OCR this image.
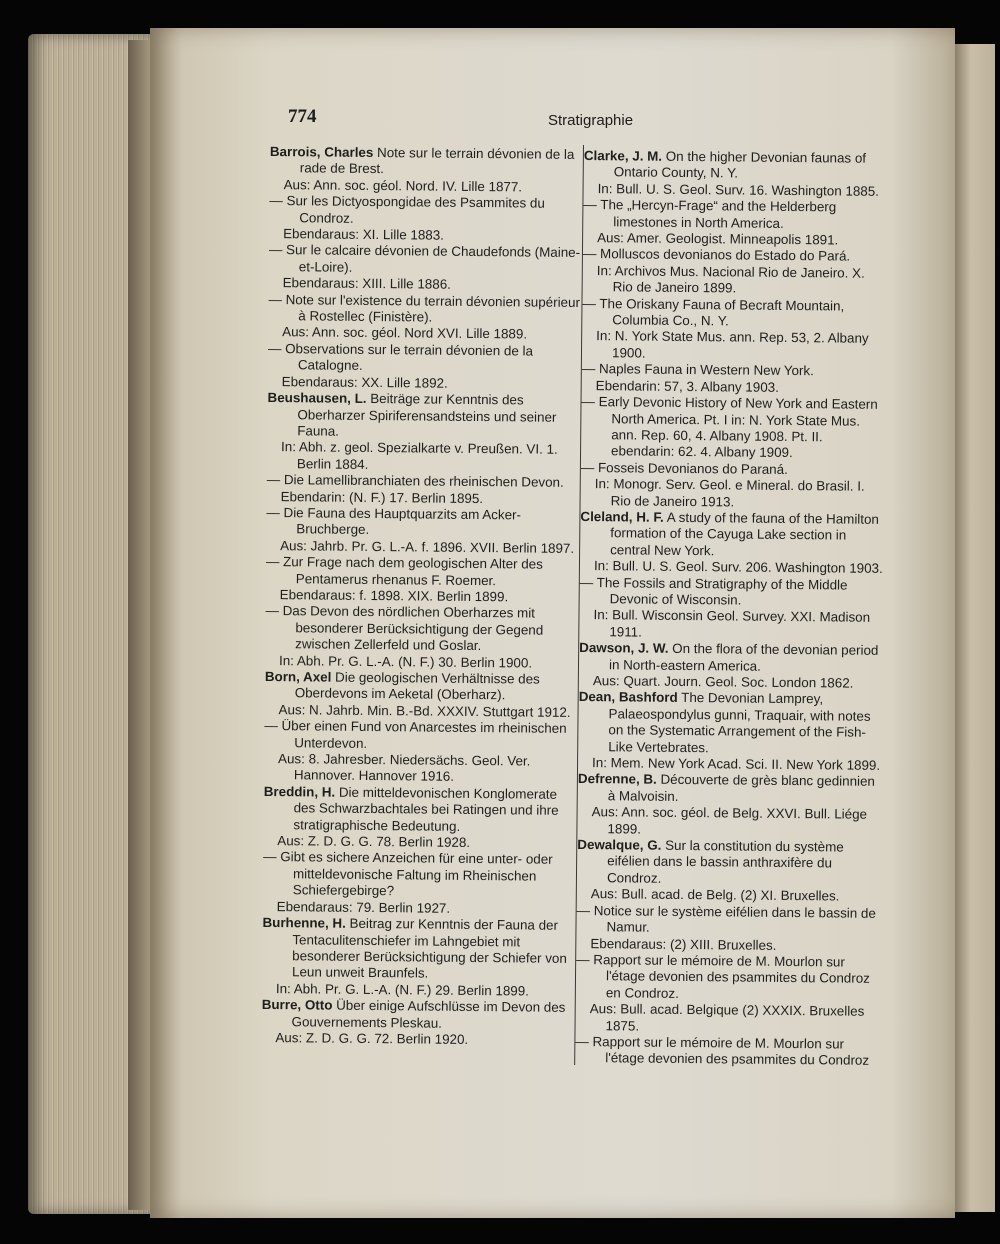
774	Stratigraphie

Barrois, Charles Note sur le terrain dévonien de la rade de Brest.

Aus: Ann. soc. géol. Nord. IV. Lille 1877.

— Sur les Dictyospongidae des Psammites du Condroz.

Ebendaraus: XI. Lille 1883.

— Sur le calcaire dévonien de Chaudefonds (Maine-et-Loire).

Ebendaraus: XIII. Lille 1886.

— Note sur l'existence du terrain dévonien supérieur à Rostellec (Finistère).

Aus: Ann. soc. géol. Nord XVI. Lille 1889.

— Observations sur le terrain dévonien de la Catalogne.

Ebendaraus: XX. Lille 1892.

Beushausen, L. Beiträge zur Kenntnis des Oberharzer Spiriferensandsteins und seiner Fauna.

In: Abh. z. geol. Spezialkarte v. Preußen. VI. 1. Berlin 1884.

— Die Lamellibranchiaten des rheinischen Devon.

Ebendarin: (N. F.) 17. Berlin 1895.

— Die Fauna des Hauptquarzits am Acker-Bruchberge.

Aus: Jahrb. Pr. G. L.-A. f. 1896. XVII. Berlin 1897.

— Zur Frage nach dem geologischen Alter des Pentamerus rhenanus F. Roemer.

Ebendaraus: f. 1898. XIX. Berlin 1899.

— Das Devon des nördlichen Oberharzes mit besonderer Berücksichtigung der Gegend zwischen Zellerfeld und Goslar.

In: Abh. Pr. G. L.-A. (N. F.) 30. Berlin 1900.

Born, Axel Die geologischen Verhältnisse des Oberdevons im Aeketal (Oberharz).

Aus: N. Jahrb. Min. B.-Bd. XXXIV. Stuttgart 1912.

— Über einen Fund von Anarcestes im rheinischen Unterdevon.

Aus: 8. Jahresber. Niedersächs. Geol. Ver. Hannover. Hannover 1916.

Breddin, H. Die mitteldevonischen Konglomerate des Schwarzbachtales bei Ratingen und ihre stratigraphische Bedeutung.

Aus: Z. D. G. G. 78. Berlin 1928.

— Gibt es sichere Anzeichen für eine unter- oder mitteldevonische Faltung im Rheinischen Schiefergebirge?

Ebendaraus: 79. Berlin 1927.

Burhenne, H. Beitrag zur Kenntnis der Fauna der Tentaculitenschiefer im Lahngebiet mit besonderer Berücksichtigung der Schiefer von Leun unweit Braunfels.

In: Abh. Pr. G. L.-A. (N. F.) 29. Berlin 1899.

Burre, Otto Über einige Aufschlüsse im Devon des Gouvernements Pleskau.

Aus: Z. D. G. G. 72. Berlin 1920.

Clarke, J. M. On the higher Devonian faunas of Ontario County, N. Y.

In: Bull. U. S. Geol. Surv. 16. Washington 1885.

— The „Hercyn-Frage“ and the Helderberg limestones in North America.

Aus: Amer. Geologist. Minneapolis 1891.

— Molluscos devonianos do Estado do Pará.

In: Archivos Mus. Nacional Rio de Janeiro. X. Rio de Janeiro 1899.

— The Oriskany Fauna of Becraft Mountain, Columbia Co., N. Y.

In: N. York State Mus. ann. Rep. 53, 2. Albany 1900.

— Naples Fauna in Western New York.

Ebendarin: 57, 3. Albany 1903.

— Early Devonic History of New York and Eastern North America. Pt. I in: N. York State Mus. ann. Rep. 60, 4. Albany 1908. Pt. II. ebendarin: 62. 4. Albany 1909.

— Fosseis Devonianos do Paraná.

In: Monogr. Serv. Geol. e Mineral. do Brasil. I. Rio de Janeiro 1913.

Cleland, H. F. A study of the fauna of the Hamilton formation of the Cayuga Lake section in central New York.

In: Bull. U. S. Geol. Surv. 206. Washington 1903.

— The Fossils and Stratigraphy of the Middle Devonic of Wisconsin.

In: Bull. Wisconsin Geol. Survey. XXI. Madison 1911.

Dawson, J. W. On the flora of the devonian period in North-eastern America.

Aus: Quart. Journ. Geol. Soc. London 1862.

Dean, Bashford The Devonian Lamprey, Palaeospondylus gunni, Traquair, with notes on the Systematic Arrangement of the Fish-Like Vertebrates.

In: Mem. New York Acad. Sci. II. New York 1899.

Defrenne, B. Découverte de grès blanc gedinnien à Malvoisin.

Aus: Ann. soc. géol. de Belg. XXVI. Bull. Liége 1899.

Dewalque, G. Sur la constitution du système eifélien dans le bassin anthraxifère du Condroz.

Aus: Bull. acad. de Belg. (2) XI. Bruxelles.

— Notice sur le système eifélien dans le bassin de Namur.

Ebendaraus: (2) XIII. Bruxelles.

— Rapport sur le mémoire de M. Mourlon sur l'étage devonien des psammites du Condroz en Condroz.

Aus: Bull. acad. Belgique (2) XXXIX. Bruxelles 1875.

— Rapport sur le mémoire de M. Mourlon sur l'étage devonien des psammites du Condroz
